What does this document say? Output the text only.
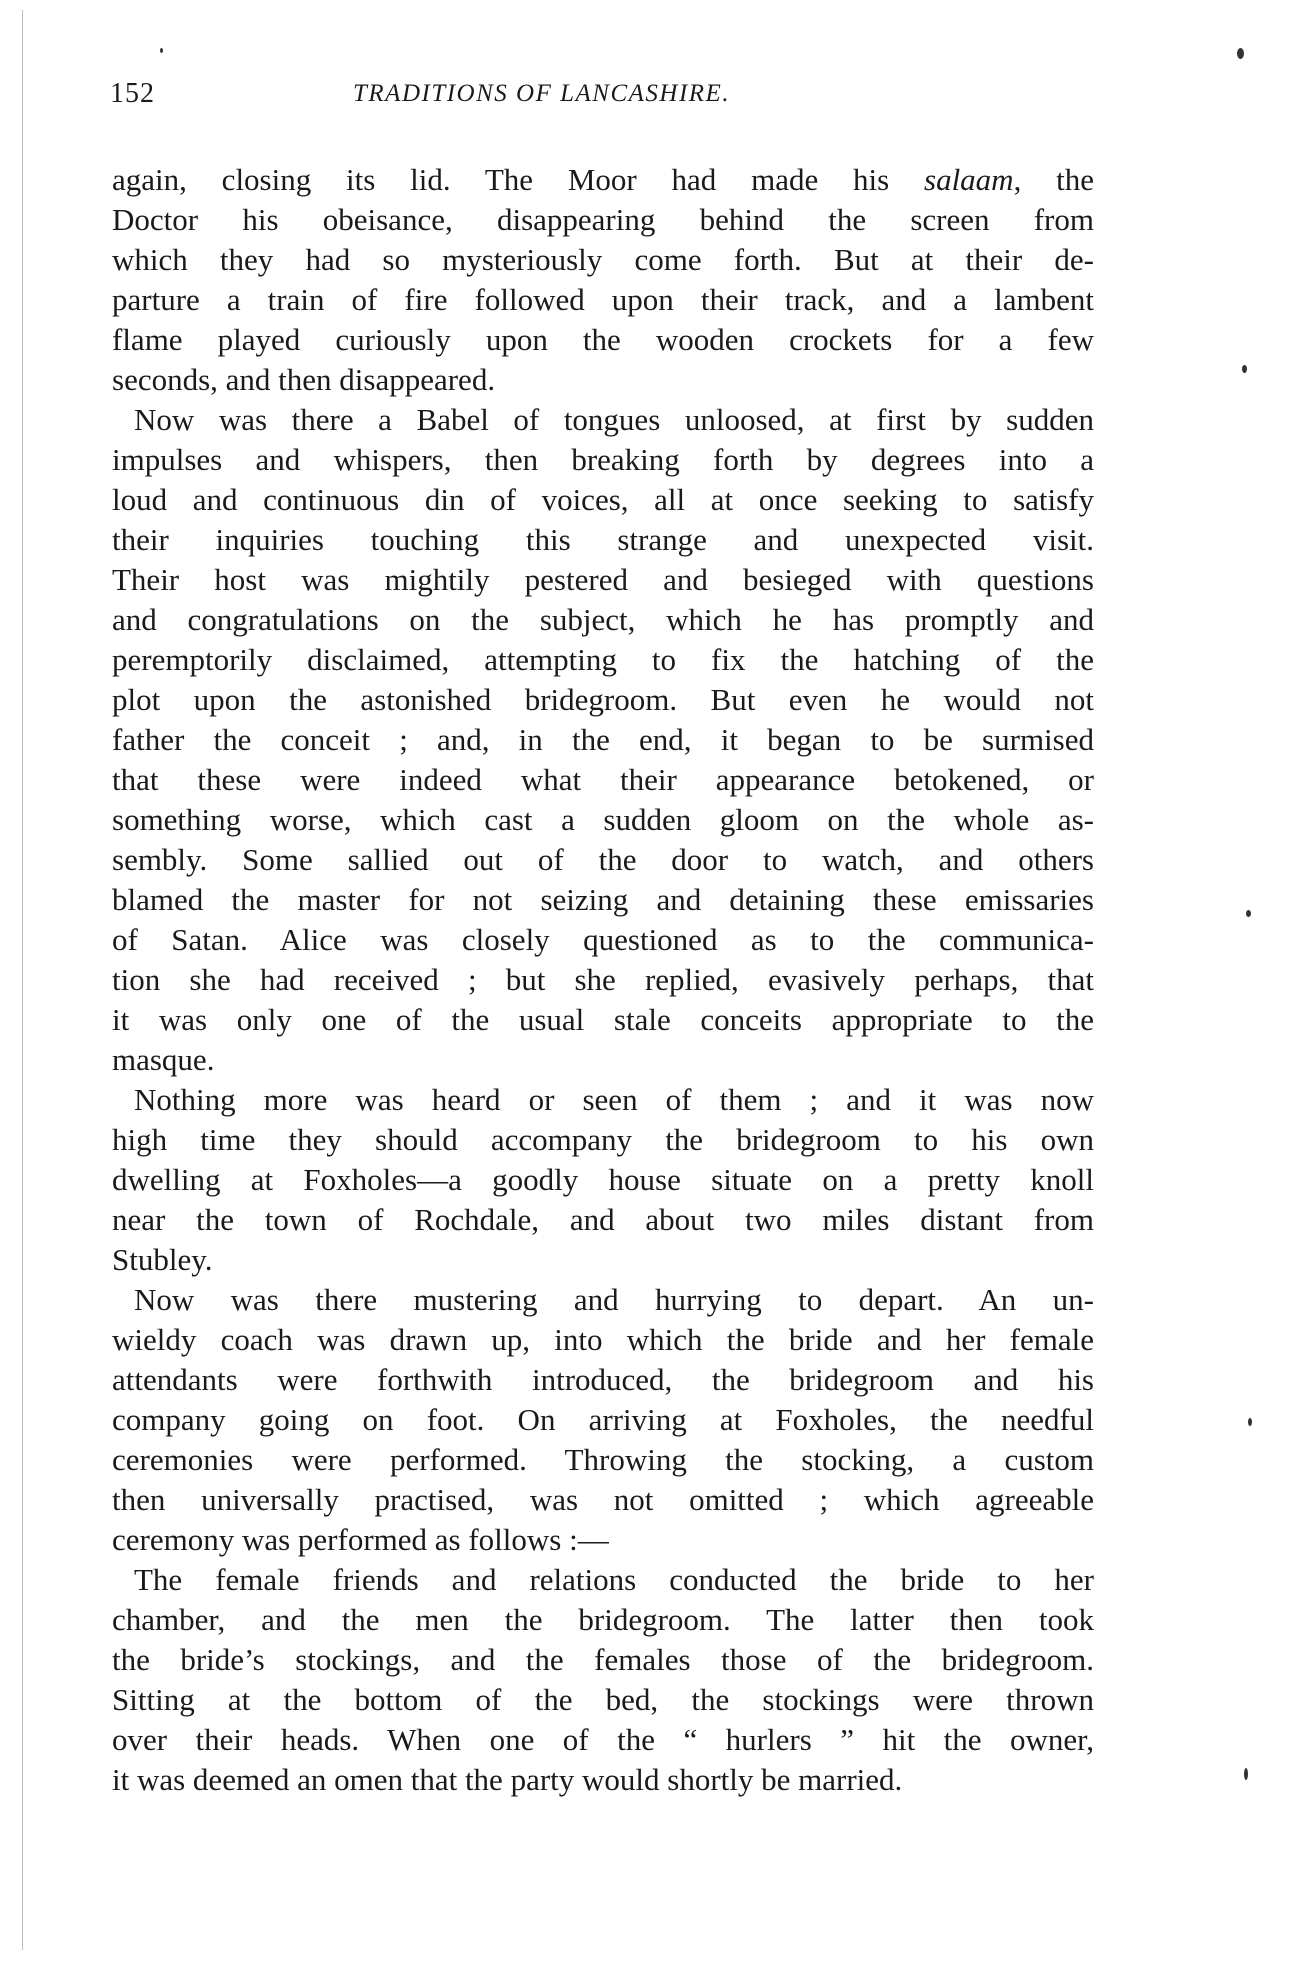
152	TRADITIONS OF LANCASHIRE.
again, closing its lid. The Moor had made his salaam, the
Doctor his obeisance, disappearing behind the screen from
which they had so mysteriously come forth. But at their de-
parture a train of fire followed upon their track, and a lambent
flame played curiously upon the wooden crockets for a few
seconds, and then disappeared.
Now was there a Babel of tongues unloosed, at first by sudden
impulses and whispers, then breaking forth by degrees into a
loud and continuous din of voices, all at once seeking to satisfy
their inquiries touching this strange and unexpected visit.
Their host was mightily pestered and besieged with questions
and congratulations on the subject, which he has promptly and
peremptorily disclaimed, attempting to fix the hatching of the
plot upon the astonished bridegroom. But even he would not
father the conceit ; and, in the end, it began to be surmised
that these were indeed what their appearance betokened, or
something worse, which cast a sudden gloom on the whole as-
sembly. Some sallied out of the door to watch, and others
blamed the master for not seizing and detaining these emissaries
of Satan. Alice was closely questioned as to the communica-
tion she had received ; but she replied, evasively perhaps, that
it was only one of the usual stale conceits appropriate to the
masque.
Nothing more was heard or seen of them ; and it was now
high time they should accompany the bridegroom to his own
dwelling at Foxholes—a goodly house situate on a pretty knoll
near the town of Rochdale, and about two miles distant from
Stubley.
Now was there mustering and hurrying to depart. An un-
wieldy coach was drawn up, into which the bride and her female
attendants were forthwith introduced, the bridegroom and his
company going on foot. On arriving at Foxholes, the needful
ceremonies were performed. Throwing the stocking, a custom
then universally practised, was not omitted ; which agreeable
ceremony was performed as follows :—
The female friends and relations conducted the bride to her
chamber, and the men the bridegroom. The latter then took
the bride’s stockings, and the females those of the bridegroom.
Sitting at the bottom of the bed, the stockings were thrown
over their heads. When one of the “ hurlers ” hit the owner,
it was deemed an omen that the party would shortly be married.
